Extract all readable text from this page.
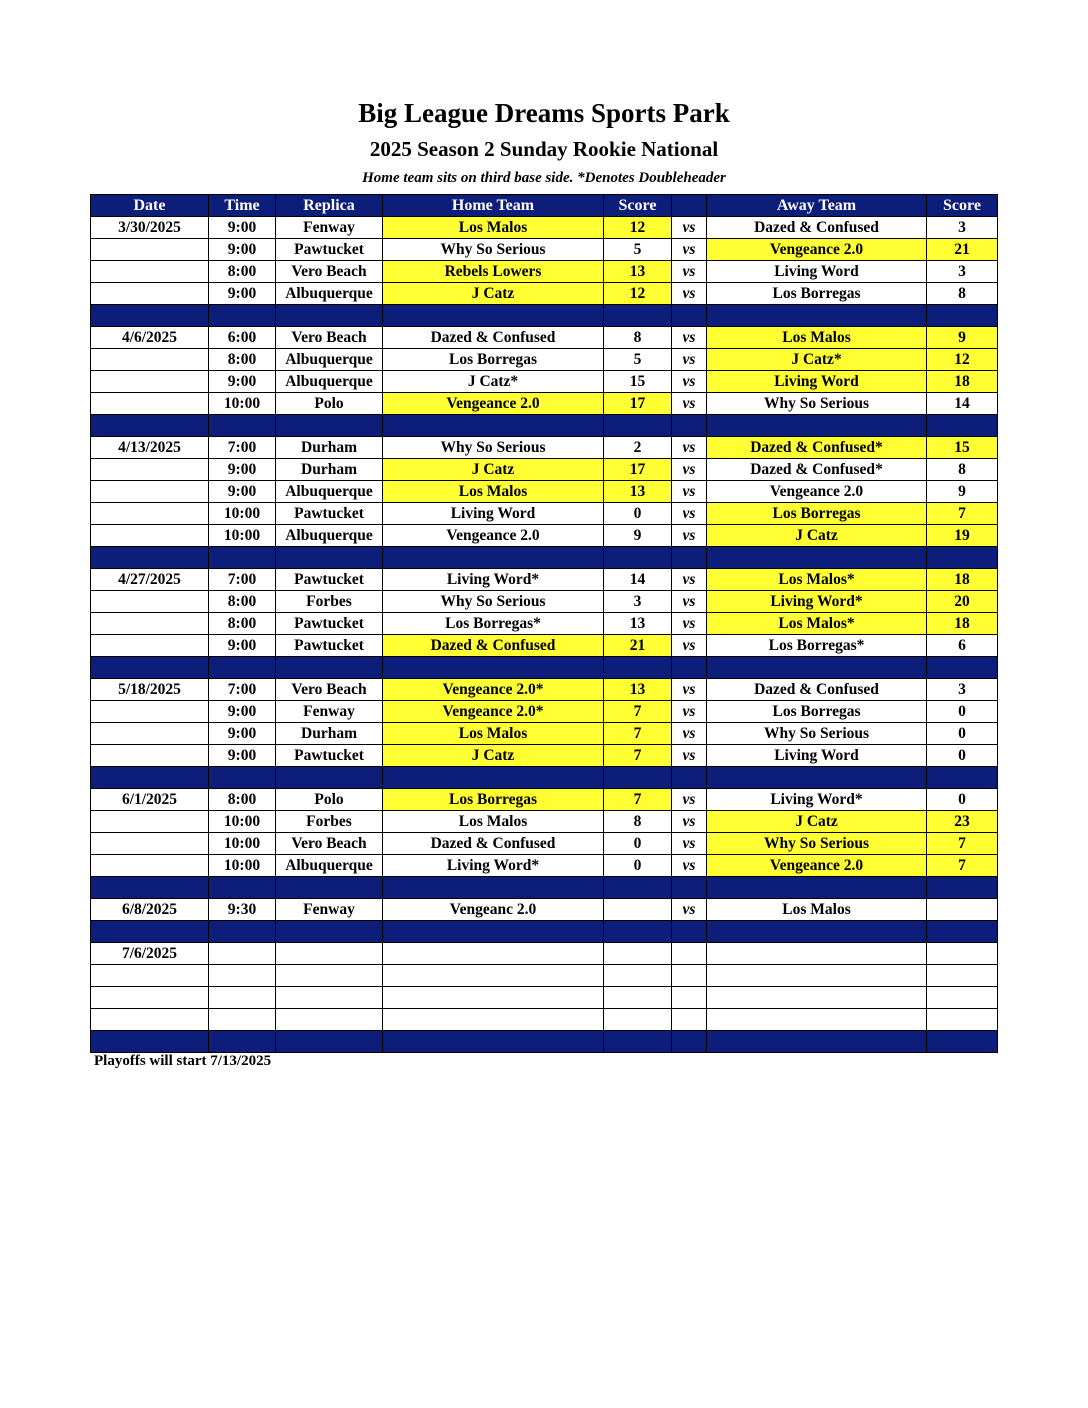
Big League Dreams Sports Park
2025 Season 2 Sunday Rookie National
Home team sits on third base side. *Denotes Doubleheader
Date	Time	Replica	Home Team	Score		Away Team	Score
3/30/2025	9:00	Fenway	Los Malos	12	vs	Dazed & Confused	3
	9:00	Pawtucket	Why So Serious	5	vs	Vengeance 2.0	21
	8:00	Vero Beach	Rebels Lowers	13	vs	Living Word	3
	9:00	Albuquerque	J Catz	12	vs	Los Borregas	8

4/6/2025	6:00	Vero Beach	Dazed & Confused	8	vs	Los Malos	9
	8:00	Albuquerque	Los Borregas	5	vs	J Catz*	12
	9:00	Albuquerque	J Catz*	15	vs	Living Word	18
	10:00	Polo	Vengeance 2.0	17	vs	Why So Serious	14

4/13/2025	7:00	Durham	Why So Serious	2	vs	Dazed & Confused*	15
	9:00	Durham	J Catz	17	vs	Dazed & Confused*	8
	9:00	Albuquerque	Los Malos	13	vs	Vengeance 2.0	9
	10:00	Pawtucket	Living Word	0	vs	Los Borregas	7
	10:00	Albuquerque	Vengeance 2.0	9	vs	J Catz	19

4/27/2025	7:00	Pawtucket	Living Word*	14	vs	Los Malos*	18
	8:00	Forbes	Why So Serious	3	vs	Living Word*	20
	8:00	Pawtucket	Los Borregas*	13	vs	Los Malos*	18
	9:00	Pawtucket	Dazed & Confused	21	vs	Los Borregas*	6

5/18/2025	7:00	Vero Beach	Vengeance 2.0*	13	vs	Dazed & Confused	3
	9:00	Fenway	Vengeance 2.0*	7	vs	Los Borregas	0
	9:00	Durham	Los Malos	7	vs	Why So Serious	0
	9:00	Pawtucket	J Catz	7	vs	Living Word	0

6/1/2025	8:00	Polo	Los Borregas	7	vs	Living Word*	0
	10:00	Forbes	Los Malos	8	vs	J Catz	23
	10:00	Vero Beach	Dazed & Confused	0	vs	Why So Serious	7
	10:00	Albuquerque	Living Word*	0	vs	Vengeance 2.0	7

6/8/2025	9:30	Fenway	Vengeanc 2.0		vs	Los Malos	

7/6/2025							

Playoffs will start 7/13/2025
